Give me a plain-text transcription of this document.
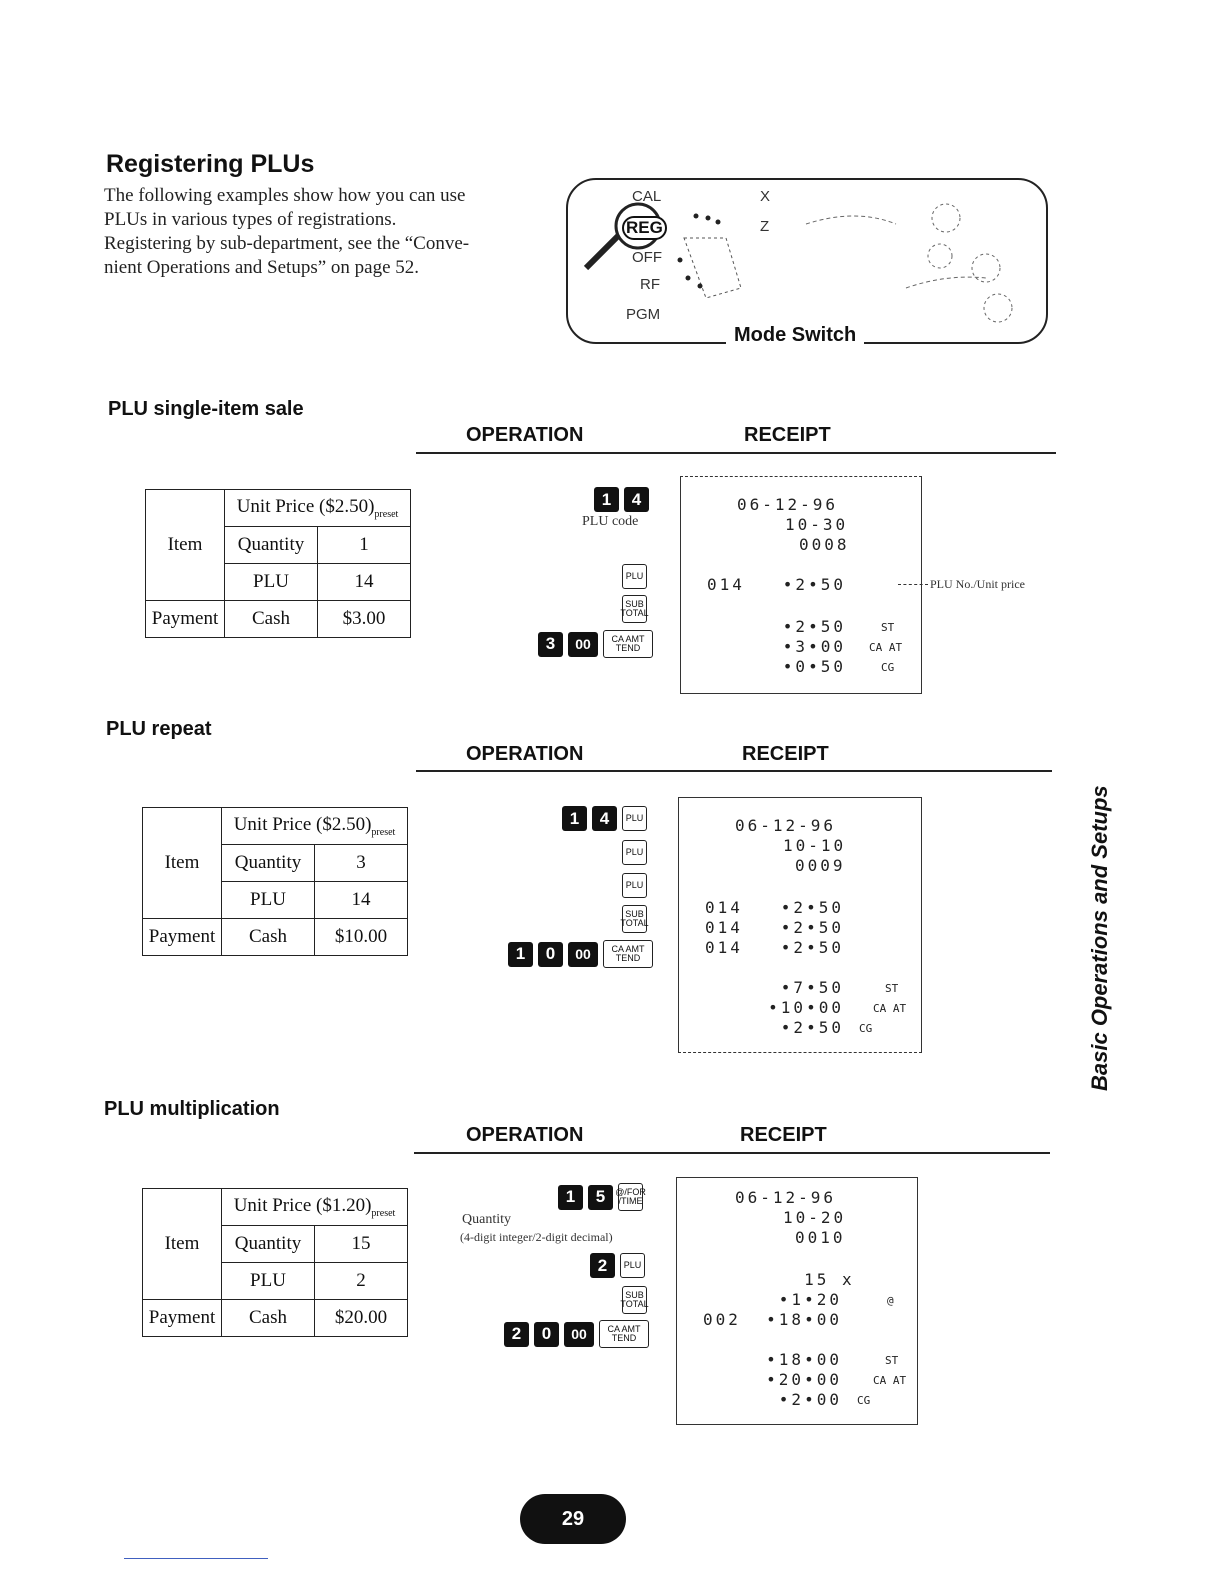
Registering PLUs
The following examples show how you can use
PLUs in various types of registrations.
Registering by sub-department, see the “Conve-
nient Operations and Setups” on page 52.
CAL
REG
OFF
RF
PGM
X
Z
Mode Switch
PLU single-item sale
OPERATION	RECEIPT
Item	Unit Price $(\$2.50)_{preset}$
	Quantity	1
	PLU	14
Payment	Cash	$3.00
1	4
PLU code
PLU
SUB TOTAL
3	00	CA AMT TEND
06-12-96
10-30
0008
014   •2•50
•2•50	ST
•3•00 CA AT
•0•50	CG
PLU No./Unit price
PLU repeat
OPERATION	RECEIPT
Item	Unit Price $(\$2.50)_{preset}$
	Quantity	3
	PLU	14
Payment	Cash	$10.00
1	4	PLU
PLU
PLU
SUB TOTAL
1	0	00	CA AMT TEND
06-12-96
10-10
0009
014   •2•50
014   •2•50
014   •2•50
•7•50	ST
•10•00	CA AT
•2•50 CG
PLU multiplication
OPERATION	RECEIPT
Item	Unit Price $(\$1.20)_{preset}$
	Quantity	15
	PLU	2
Payment	Cash	$20.00
1	5	@/FOR /TIME
Quantity
(4-digit integer/2-digit decimal)
2	PLU
SUB TOTAL
2	0	00	CA AMT TEND
06-12-96
10-20
0010
15 x
•1•20	@
002  •18•00
•18•00	ST
•20•00	CA AT
•2•00 CG
Basic Operations and Setups
29
